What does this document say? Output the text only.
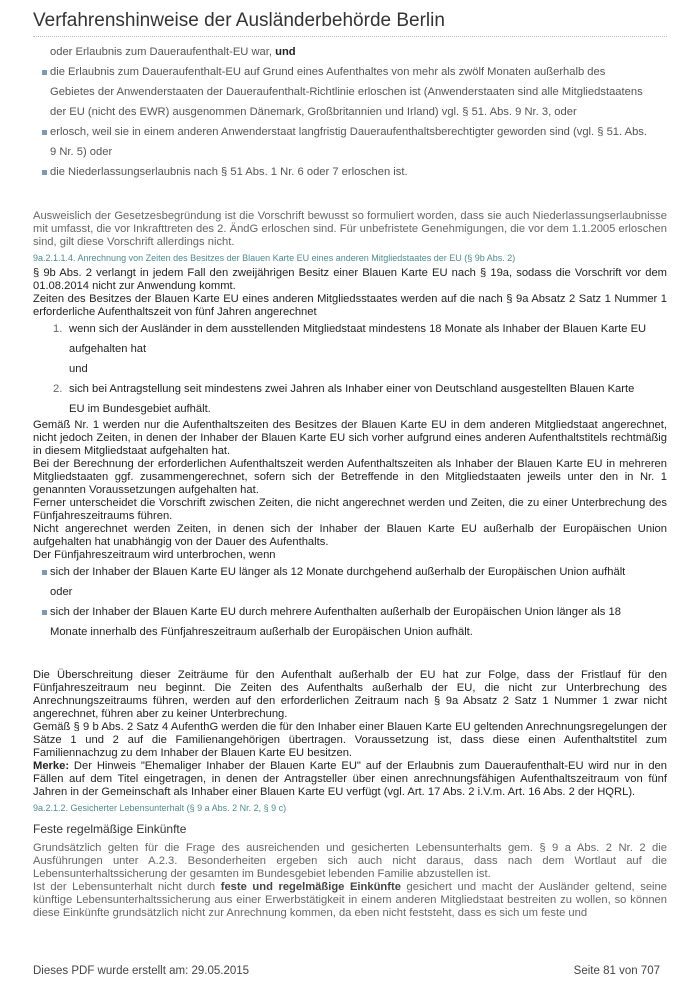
Verfahrenshinweise der Ausländerbehörde Berlin
oder Erlaubnis zum Daueraufenthalt-EU war, und
die Erlaubnis zum Daueraufenthalt-EU auf Grund eines Aufenthaltes von mehr als zwölf Monaten außerhalb des
Gebietes der Anwenderstaaten der Daueraufenthalt-Richtlinie erloschen ist (Anwenderstaaten sind alle Mitgliedstaatens
der EU (nicht des EWR) ausgenommen Dänemark, Großbritannien und Irland) vgl. § 51. Abs. 9 Nr. 3, oder
erlosch, weil sie in einem anderen Anwenderstaat langfristig Daueraufenthaltsberechtigter geworden sind (vgl. § 51. Abs.
9 Nr. 5) oder
die Niederlassungserlaubnis nach § 51 Abs. 1 Nr. 6 oder 7 erloschen ist.
Ausweislich der Gesetzesbegründung ist die Vorschrift bewusst so formuliert worden, dass sie auch Niederlassungserlaubnisse mit umfasst, die vor Inkrafttreten des 2. ÄndG erloschen sind. Für unbefristete Genehmigungen, die vor dem 1.1.2005 erloschen sind, gilt diese Vorschrift allerdings nicht.
9a.2.1.1.4. Anrechnung von Zeiten des Besitzes der Blauen Karte EU eines anderen Mitgliedstaates der EU (§ 9b Abs. 2)
§ 9b Abs. 2 verlangt in jedem Fall den zweijährigen Besitz einer Blauen Karte EU nach § 19a, sodass die Vorschrift vor dem 01.08.2014 nicht zur Anwendung kommt.
Zeiten des Besitzes der Blauen Karte EU eines anderen Mitgliedsstaates werden auf die nach § 9a Absatz 2 Satz 1 Nummer 1 erforderliche Aufenthaltszeit von fünf Jahren angerechnet
1. wenn sich der Ausländer in dem ausstellenden Mitgliedstaat mindestens 18 Monate als Inhaber der Blauen Karte EU
aufgehalten hat
und
2. sich bei Antragstellung seit mindestens zwei Jahren als Inhaber einer von Deutschland ausgestellten Blauen Karte
EU im Bundesgebiet aufhält.
Gemäß Nr. 1 werden nur die Aufenthaltszeiten des Besitzes der Blauen Karte EU in dem anderen Mitgliedstaat angerechnet, nicht jedoch Zeiten, in denen der Inhaber der Blauen Karte EU sich vorher aufgrund eines anderen Aufenthaltstitels rechtmäßig in diesem Mitgliedstaat aufgehalten hat.
Bei der Berechnung der erforderlichen Aufenthaltszeit werden Aufenthaltszeiten als Inhaber der Blauen Karte EU in mehreren Mitgliedstaaten ggf. zusammengerechnet, sofern sich der Betreffende in den Mitgliedstaaten jeweils unter den in Nr. 1 genannten Voraussetzungen aufgehalten hat.
Ferner unterscheidet die Vorschrift zwischen Zeiten, die nicht angerechnet werden und Zeiten, die zu einer Unterbrechung des Fünfjahreszeitraums führen.
Nicht angerechnet werden Zeiten, in denen sich der Inhaber der Blauen Karte EU außerhalb der Europäischen Union aufgehalten hat unabhängig von der Dauer des Aufenthalts.
Der Fünfjahreszeitraum wird unterbrochen, wenn
sich der Inhaber der Blauen Karte EU länger als 12 Monate durchgehend außerhalb der Europäischen Union aufhält
oder
sich der Inhaber der Blauen Karte EU durch mehrere Aufenthalten außerhalb der Europäischen Union länger als 18
Monate innerhalb des Fünfjahreszeitraum außerhalb der Europäischen Union aufhält.
Die Überschreitung dieser Zeiträume für den Aufenthalt außerhalb der EU hat zur Folge, dass der Fristlauf für den Fünfjahreszeitraum neu beginnt. Die Zeiten des Aufenthalts außerhalb der EU, die nicht zur Unterbrechung des Anrechnungszeitraums führen, werden auf den erforderlichen Zeitraum nach § 9a Absatz 2 Satz 1 Nummer 1 zwar nicht angerechnet, führen aber zu keiner Unterbrechung.
Gemäß § 9 b Abs. 2 Satz 4 AufenthG werden die für den Inhaber einer Blauen Karte EU geltenden Anrechnungsregelungen der Sätze 1 und 2 auf die Familienangehörigen übertragen. Voraussetzung ist, dass diese einen Aufenthaltstitel zum Familiennachzug zu dem Inhaber der Blauen Karte EU besitzen.
Merke: Der Hinweis "Ehemaliger Inhaber der Blauen Karte EU" auf der Erlaubnis zum Daueraufenthalt-EU wird nur in den Fällen auf dem Titel eingetragen, in denen der Antragsteller über einen anrechnungsfähigen Aufenthaltszeitraum von fünf Jahren in der Gemeinschaft als Inhaber einer Blauen Karte EU verfügt (vgl. Art. 17 Abs. 2 i.V.m. Art. 16 Abs. 2 der HQRL).
9a.2.1.2. Gesicherter Lebensunterhalt (§ 9 a Abs. 2 Nr. 2, § 9 c)
Feste regelmäßige Einkünfte
Grundsätzlich gelten für die Frage des ausreichenden und gesicherten Lebensunterhalts gem. § 9 a Abs. 2 Nr. 2 die Ausführungen unter A.2.3. Besonderheiten ergeben sich auch nicht daraus, dass nach dem Wortlaut auf die Lebensunterhaltssicherung der gesamten im Bundesgebiet lebenden Familie abzustellen ist.
Ist der Lebensunterhalt nicht durch feste und regelmäßige Einkünfte gesichert und macht der Ausländer geltend, seine künftige Lebensunterhaltssicherung aus einer Erwerbstätigkeit in einem anderen Mitgliedstaat bestreiten zu wollen, so können diese Einkünfte grundsätzlich nicht zur Anrechnung kommen, da eben nicht feststeht, dass es sich um feste und
Dieses PDF wurde erstellt am: 29.05.2015	Seite 81 von 707
